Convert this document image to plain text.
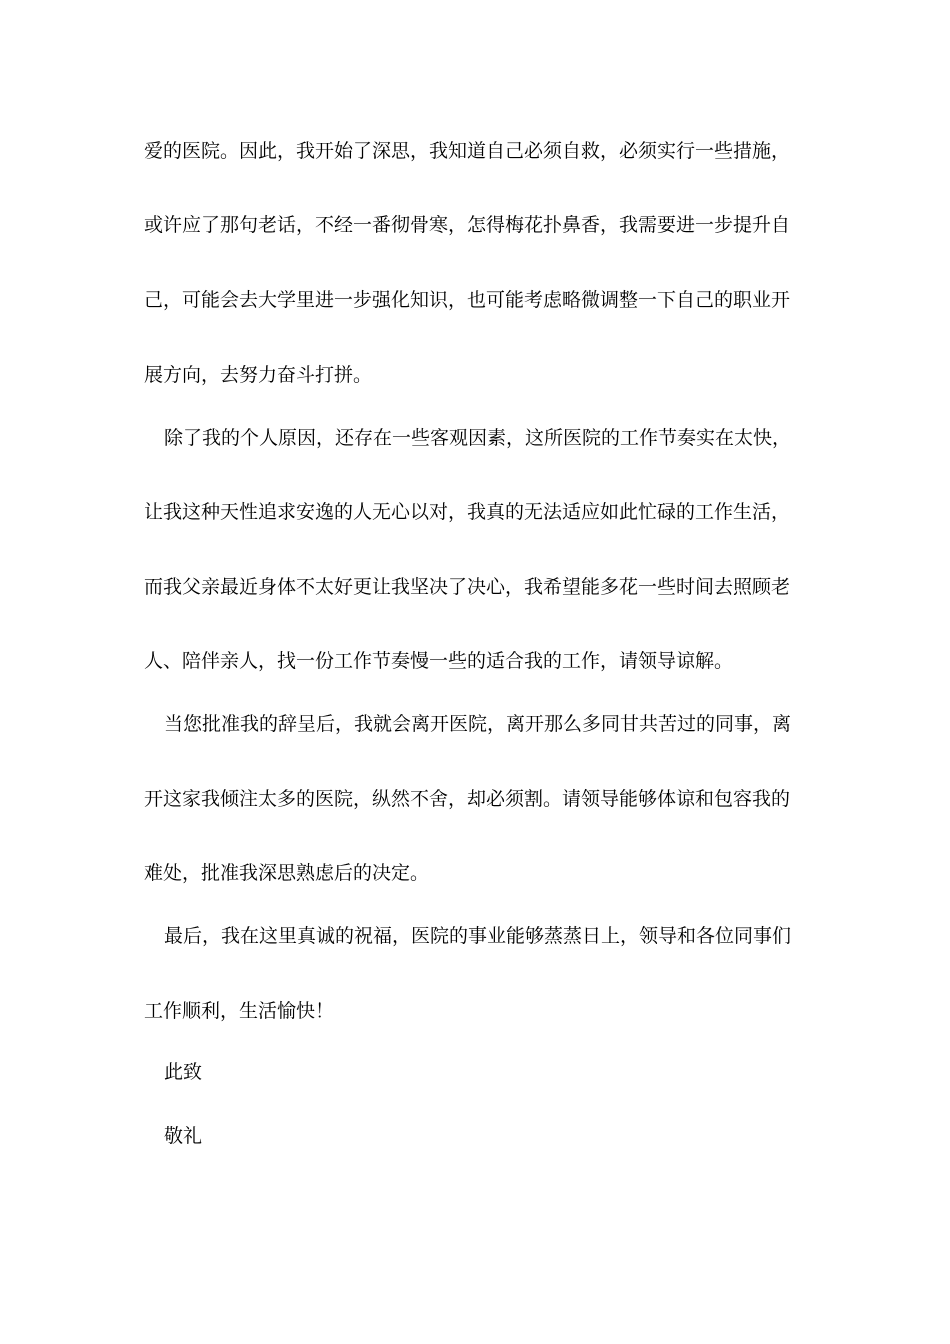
爱的医院。因此，我开始了深思，我知道自己必须自救，必须实行一些措施，
或许应了那句老话，不经一番彻骨寒，怎得梅花扑鼻香，我需要进一步提升自
己，可能会去大学里进一步强化知识，也可能考虑略微调整一下自己的职业开
展方向，去努力奋斗打拼。
除了我的个人原因，还存在一些客观因素，这所医院的工作节奏实在太快，
让我这种天性追求安逸的人无心以对，我真的无法适应如此忙碌的工作生活，
而我父亲最近身体不太好更让我坚决了决心，我希望能多花一些时间去照顾老
人、陪伴亲人，找一份工作节奏慢一些的适合我的工作，请领导谅解。
当您批准我的辞呈后，我就会离开医院，离开那么多同甘共苦过的同事，离
开这家我倾注太多的医院，纵然不舍，却必须割。请领导能够体谅和包容我的
难处，批准我深思熟虑后的决定。
最后，我在这里真诚的祝福，医院的事业能够蒸蒸日上，领导和各位同事们
工作顺利，生活愉快！
此致
敬礼
